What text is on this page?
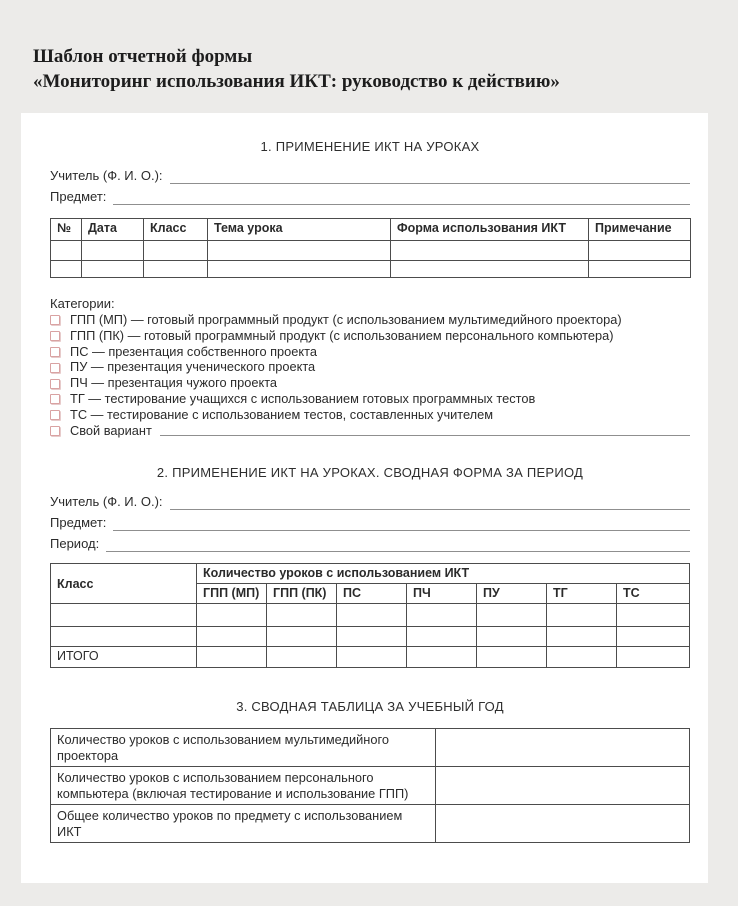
Шаблон отчетной формы
«Мониторинг использования ИКТ: руководство к действию»
1. ПРИМЕНЕНИЕ ИКТ НА УРОКАХ
Учитель (Ф. И. О.):
Предмет:
№	Дата	Класс	Тема урока	Форма использования ИКТ	Примечание

Категории:
ГПП (МП) — готовый программный продукт (с использованием мультимедийного проектора)
ГПП (ПК) — готовый программный продукт (с использованием персонального компьютера)
ПС — презентация собственного проекта
ПУ — презентация ученического проекта
ПЧ — презентация чужого проекта
ТГ — тестирование учащихся с использованием готовых программных тестов
ТС — тестирование с использованием тестов, составленных учителем
Свой вариант
2. ПРИМЕНЕНИЕ ИКТ НА УРОКАХ. СВОДНАЯ ФОРМА ЗА ПЕРИОД
Учитель (Ф. И. О.):
Предмет:
Период:
Класс	Количество уроков с использованием ИКТ						
	ГПП (МП)	ГПП (ПК)	ПС	ПЧ	ПУ	ТГ	ТС

ИТОГО							
3. СВОДНАЯ ТАБЛИЦА ЗА УЧЕБНЫЙ ГОД
Количество уроков с использованием мультимедийного проектора	
Количество уроков с использованием персонального компьютера (включая тестирование и использование ГПП)	
Общее количество уроков по предмету с использованием ИКТ	
